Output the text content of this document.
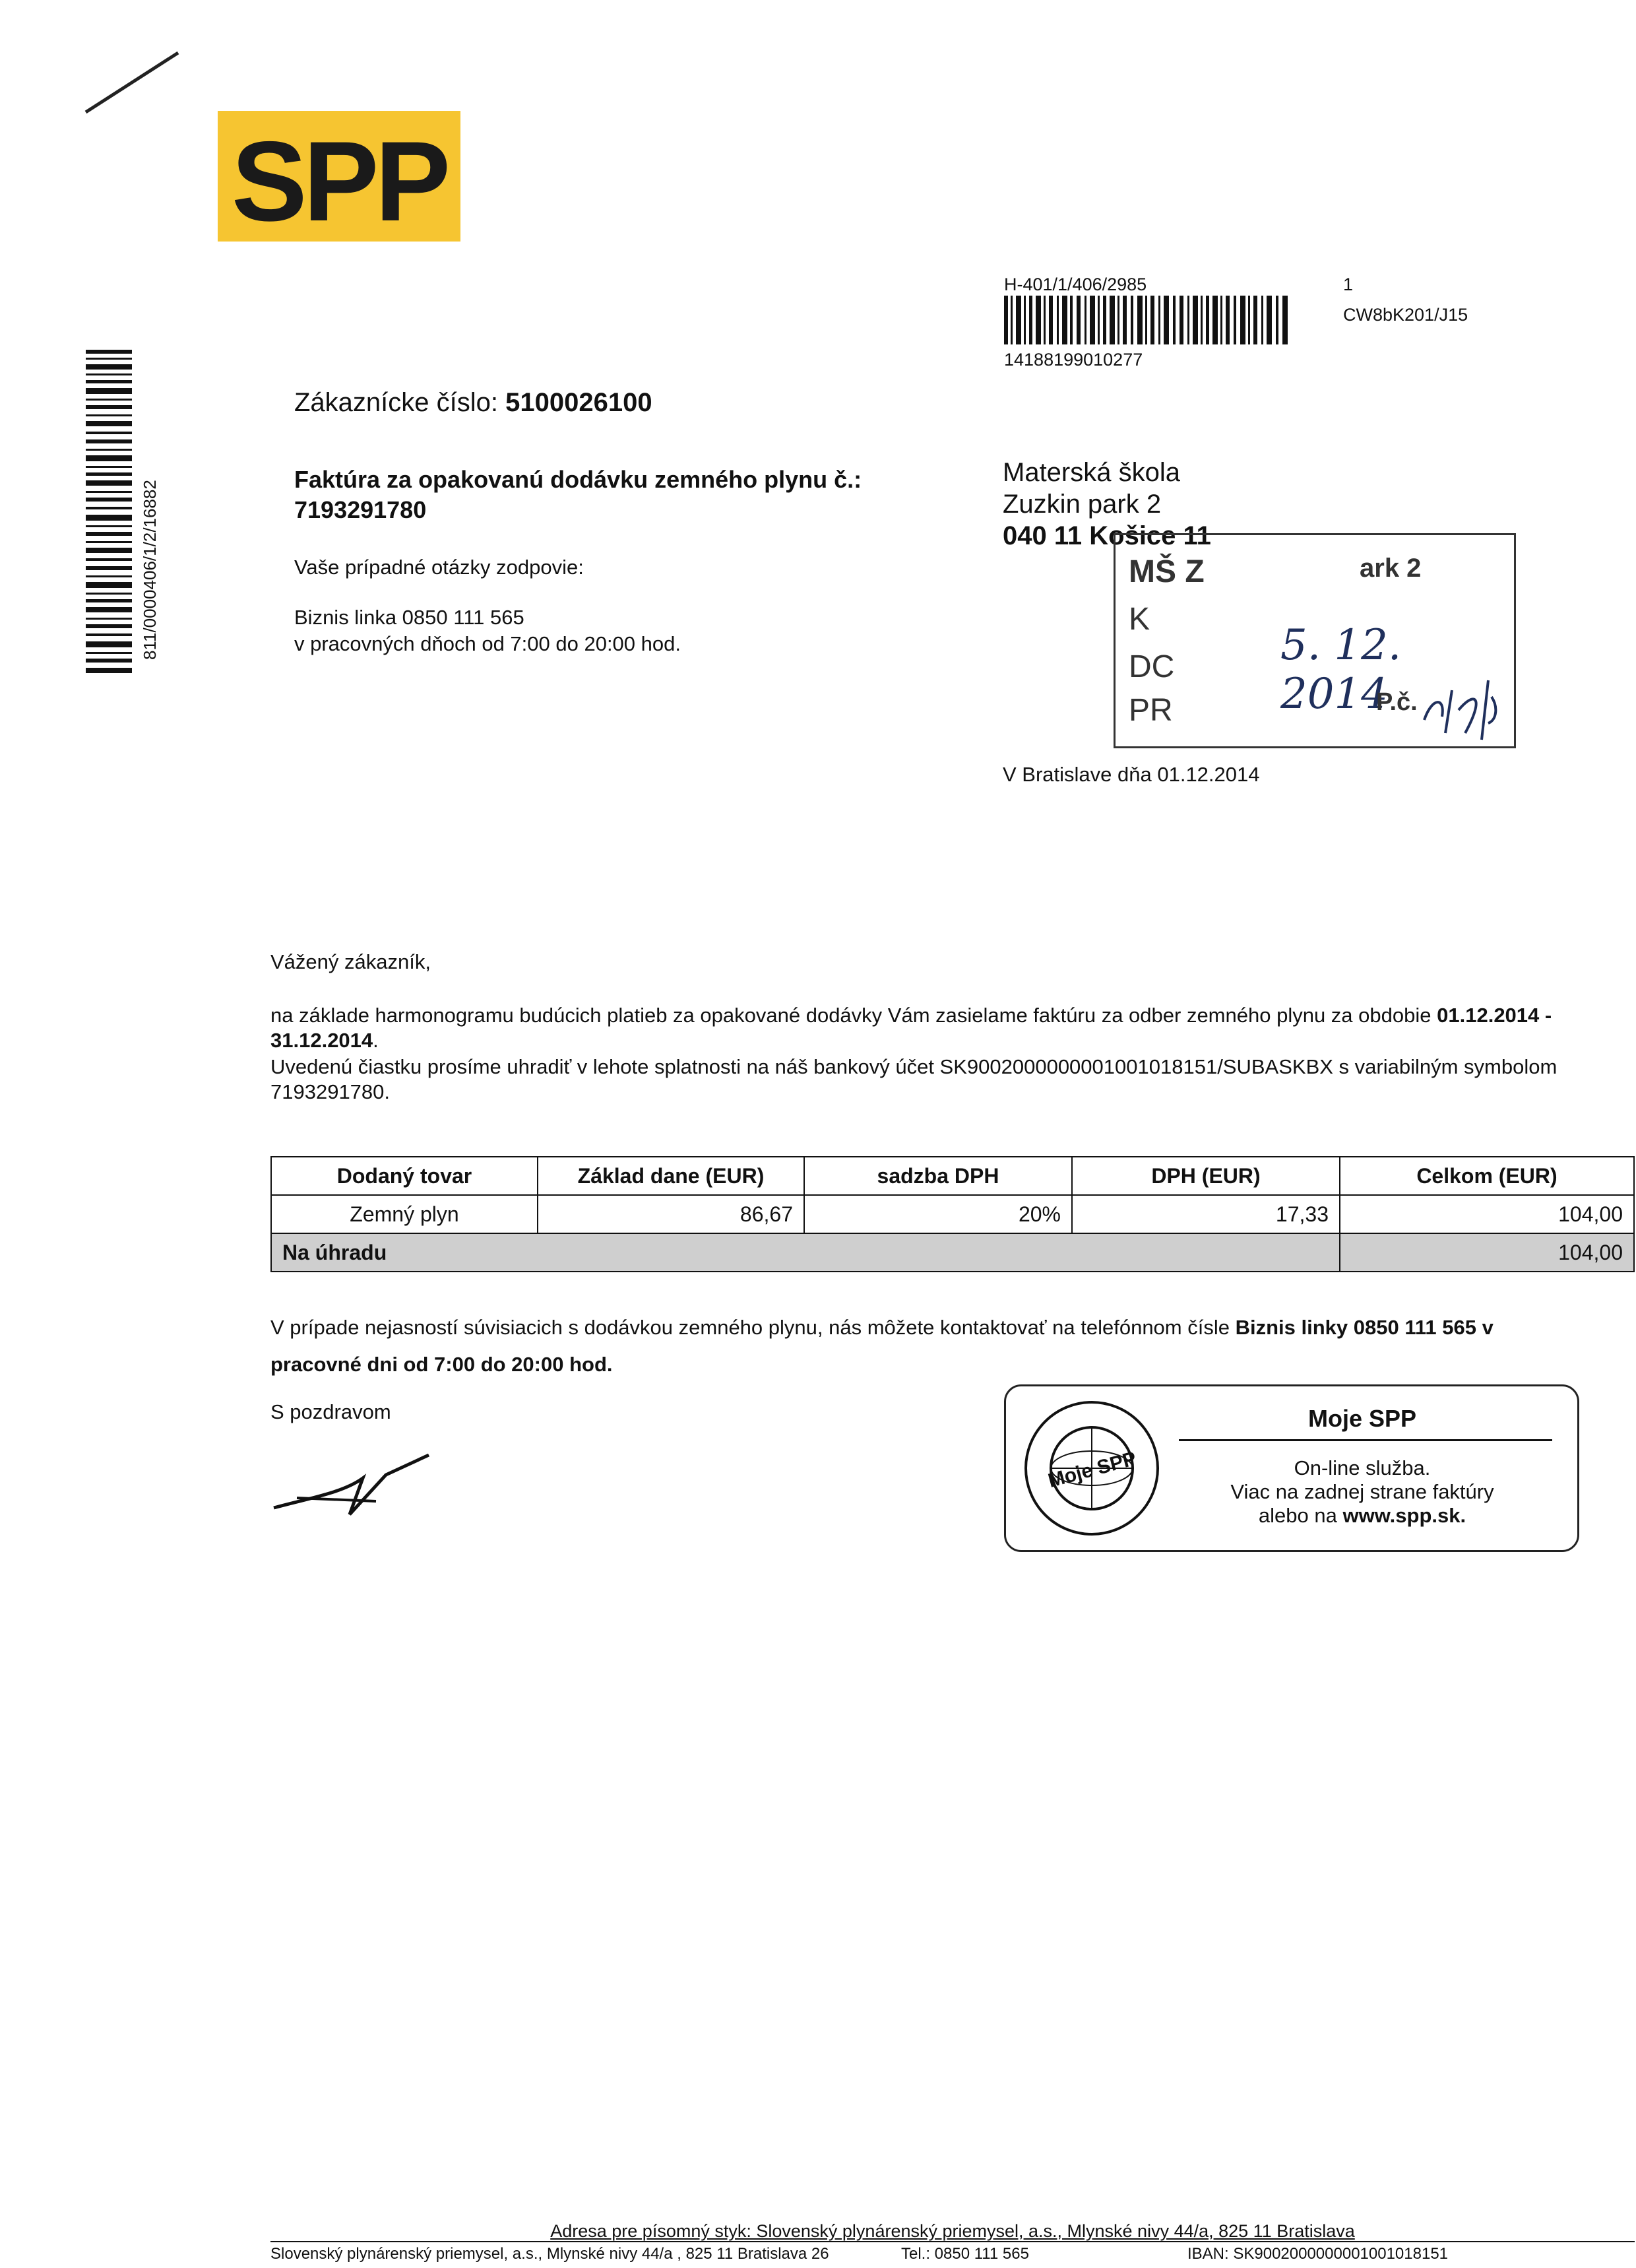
SPP
811/0000406/1/2/16882
H-401/1/406/2985	1
14188199010277
CW8bK201/J15
Zákaznícke číslo: 5100026100
Faktúra za opakovanú dodávku zemného plynu č.:
7193291780
Vaše prípadné otázky zodpovie:
Biznis linka 0850 111 565
v pracovných dňoch od 7:00 do 20:00 hod.
Materská škola
Zuzkin park 2
040 11 Košice 11
MŠ Z	ark 2
K
DC
PR
5. 12. 2014
P.č.
V Bratislave dňa 01.12.2014
Vážený zákazník,
na základe harmonogramu budúcich platieb za opakované dodávky Vám zasielame faktúru za odber zemného plynu za obdobie 01.12.2014 -
31.12.2014.
Uvedenú čiastku prosíme uhradiť v lehote splatnosti na náš bankový účet SK9002000000001001018151/SUBASKBX s variabilným symbolom
7193291780.
Dodaný tovar	Základ dane (EUR)	sadzba DPH	DPH (EUR)	Celkom (EUR)
Zemný plyn	86,67	20%	17,33	104,00
Na úhradu				104,00
V prípade nejasností súvisiacich s dodávkou zemného plynu, nás môžete kontaktovať na telefónnom čísle Biznis linky 0850 111 565 v
pracovné dni od 7:00 do 20:00 hod.
S pozdravom
Moje SPP
Moje SPP
On-line služba.
Viac na zadnej strane faktúry
alebo na www.spp.sk.
Adresa pre písomný styk: Slovenský plynárenský priemysel, a.s., Mlynské nivy 44/a, 825 11 Bratislava
Slovenský plynárenský priemysel, a.s., Mlynské nivy 44/a , 825 11 Bratislava 26	Tel.: 0850 111 565	IBAN: SK9002000000001001018151
